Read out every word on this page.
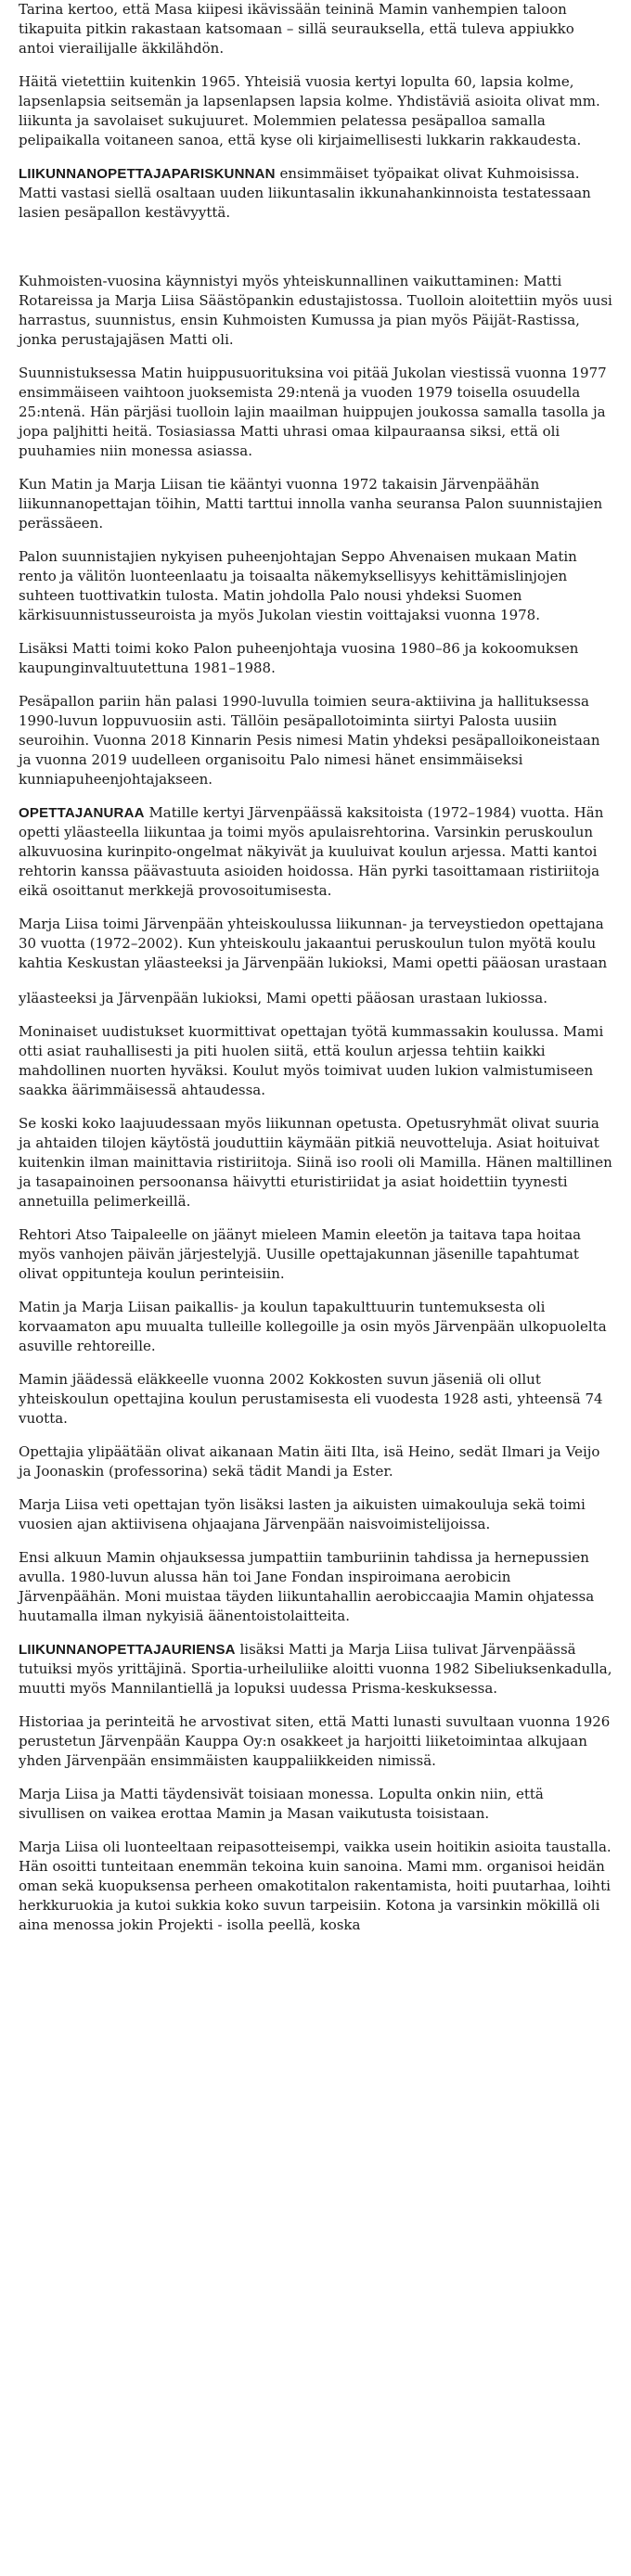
Tarina kertoo, että Masa kiipesi ikävissään teininä Mamin vanhempien taloon tikapuita pitkin rakastaan katsomaan – sillä seurauksella, että tuleva appiukko antoi vierailijalle äkkilähdön.

Häitä vietettiin kuitenkin 1965. Yhteisiä vuosia kertyi lopulta 60, lapsia kolme, lapsenlapsia seitsemän ja lapsenlapsen lapsia kolme. Yhdistäviä asioita olivat mm. liikunta ja savolaiset sukujuuret. Molemmien pelatessa pesäpalloa samalla pelipaikalla voitaneen sanoa, että kyse oli kirjaimellisesti lukkarin rakkaudesta.

LIIKUNNANOPETTAJAPARISKUNNAN ensimmäiset työpaikat olivat Kuhmoisissa. Matti vastasi siellä osaltaan uuden liikuntasalin ikkunahankinnoista testatessaan lasien pesäpallon kestävyyttä.

Kuhmoisten-vuosina käynnistyi myös yhteiskunnallinen vaikuttaminen: Matti Rotareissa ja Marja Liisa Säästöpankin edustajistossa. Tuolloin aloitettiin myös uusi harrastus, suunnistus, ensin Kuhmoisten Kumussa ja pian myös Päijät-Rastissa, jonka perustajajäsen Matti oli.

Suunnistuksessa Matin huippusuorituksina voi pitää Jukolan viestissä vuonna 1977 ensimmäiseen vaihtoon juoksemista 29:ntenä ja vuoden 1979 toisella osuudella 25:ntenä. Hän pärjäsi tuolloin lajin maailman huippujen joukossa samalla tasolla ja jopa paljhitti heitä. Tosiasiassa Matti uhrasi omaa kilpauraansa siksi, että oli puuhamies niin monessa asiassa.

Kun Matin ja Marja Liisan tie kääntyi vuonna 1972 takaisin Järvenpäähän liikunnanopettajan töihin, Matti tarttui innolla vanha seuransa Palon suunnistajien perässäeen.

Palon suunnistajien nykyisen puheenjohtajan Seppo Ahvenaisen mukaan Matin rento ja välitön luonteenlaatu ja toisaalta näkemyksellisyys kehittämislinjojen suhteen tuottivatkin tulosta. Matin johdolla Palo nousi yhdeksi Suomen kärkisuunnistusseuroista ja myös Jukolan viestin voittajaksi vuonna 1978.

Lisäksi Matti toimi koko Palon puheenjohtaja vuosina 1980–86 ja kokoomuksen kaupunginvaltuutettuna 1981–1988.

Pesäpallon pariin hän palasi 1990-luvulla toimien seura-aktiivina ja hallituksessa 1990-luvun loppuvuosiin asti. Tällöin pesäpallotoiminta siirtyi Palosta uusiin seuroihin. Vuonna 2018 Kinnarin Pesis nimesi Matin yhdeksi pesäpalloikoneistaan ja vuonna 2019 uudelleen organisoitu Palo nimesi hänet ensimmäiseksi kunniapuheenjohtajakseen.

OPETTAJANURAA Matille kertyi Järvenpäässä kaksitoista (1972–1984) vuotta. Hän opetti yläasteella liikuntaa ja toimi myös apulaisrehtorina. Varsinkin peruskoulun alkuvuosina kurinpito-ongelmat näkyivät ja kuuluivat koulun arjessa. Matti kantoi rehtorin kanssa päävastuuta asioiden hoidossa. Hän pyrki tasoittamaan ristiriitoja eikä osoittanut merkkejä provosoitumisesta.

Marja Liisa toimi Järvenpään yhteiskoulussa liikunnan- ja terveystiedon opettajana 30 vuotta (1972–2002). Kun yhteiskoulu jakaantui peruskoulun tulon myötä koulu kahtia Keskustan yläasteeksi ja Järvenpään lukioksi, Mami opetti pääosan urastaan

yläasteeksi ja Järvenpään lukioksi, Mami opetti pääosan urastaan lukiossa.

Moninaiset uudistukset kuormittivat opettajan työtä kummassakin koulussa. Mami otti asiat rauhallisesti ja piti huolen siitä, että koulun arjessa tehtiin kaikki mahdollinen nuorten hyväksi. Koulut myös toimivat uuden lukion valmistumiseen saakka äärimmäisessä ahtaudessa.

Se koski koko laajuudessaan myös liikunnan opetusta. Opetusryhmät olivat suuria ja ahtaiden tilojen käytöstä jouduttiin käymään pitkiä neuvotteluja. Asiat hoituivat kuitenkin ilman mainittavia ristiriitoja. Siinä iso rooli oli Mamilla. Hänen maltillinen ja tasapainoinen persoonansa häivytti eturistiriidat ja asiat hoidettiin tyynesti annetuilla pelimerkeillä.

Rehtori Atso Taipaleelle on jäänyt mieleen Mamin eleetön ja taitava tapa hoitaa myös vanhojen päivän järjestelyjä. Uusille opettajakunnan jäsenille tapahtumat olivat oppitunteja koulun perinteisiin.

Matin ja Marja Liisan paikallis- ja koulun tapakulttuurin tuntemuksesta oli korvaamaton apu muualta tulleille kollegoille ja osin myös Järvenpään ulkopuolelta asuville rehtoreille.

Mamin jäädessä eläkkeelle vuonna 2002 Kokkosten suvun jäseniä oli ollut yhteiskoulun opettajina koulun perustamisesta eli vuodesta 1928 asti, yhteensä 74 vuotta.

Opettajia ylipäätään olivat aikanaan Matin äiti Ilta, isä Heino, sedät Ilmari ja Veijo ja Joonaskin (professorina) sekä tädit Mandi ja Ester.

Marja Liisa veti opettajan työn lisäksi lasten ja aikuisten uimakouluja sekä toimi vuosien ajan aktiivisena ohjaajana Järvenpään naisvoimistelijoissa.

Ensi alkuun Mamin ohjauksessa jumpattiin tamburiinin tahdissa ja hernepussien avulla. 1980-luvun alussa hän toi Jane Fondan inspiroimana aerobicin Järvenpäähän. Moni muistaa täyden liikuntahallin aerobiccaajia Mamin ohjatessa huutamalla ilman nykyisiä äänentoistolaitteita.

LIIKUNNANOPETTAJAURIENSA lisäksi Matti ja Marja Liisa tulivat Järvenpäässä tutuiksi myös yrittäjinä. Sportia-urheiluliike aloitti vuonna 1982 Sibeliuksenkadulla, muutti myös Mannilantiellä ja lopuksi uudessa Prisma-keskuksessa.

Historiaa ja perinteitä he arvostivat siten, että Matti lunasti suvultaan vuonna 1926 perustetun Järvenpään Kauppa Oy:n osakkeet ja harjoitti liiketoimintaa alkujaan yhden Järvenpään ensimmäisten kauppaliikkeiden nimissä.

Marja Liisa ja Matti täydensivät toisiaan monessa. Lopulta onkin niin, että sivullisen on vaikea erottaa Mamin ja Masan vaikutusta toisistaan.

Marja Liisa oli luonteeltaan reipasotteisempi, vaikka usein hoitikin asioita taustalla. Hän osoitti tunteitaan enemmän tekoina kuin sanoina. Mami mm. organisoi heidän oman sekä kuopuksensa perheen omakotitalon rakentamista, hoiti puutarhaa, loihti herkkuruokia ja kutoi sukkia koko suvun tarpeisiin. Kotona ja varsinkin mökillä oli aina menossa jokin Projekti - isolla peellä, koska
